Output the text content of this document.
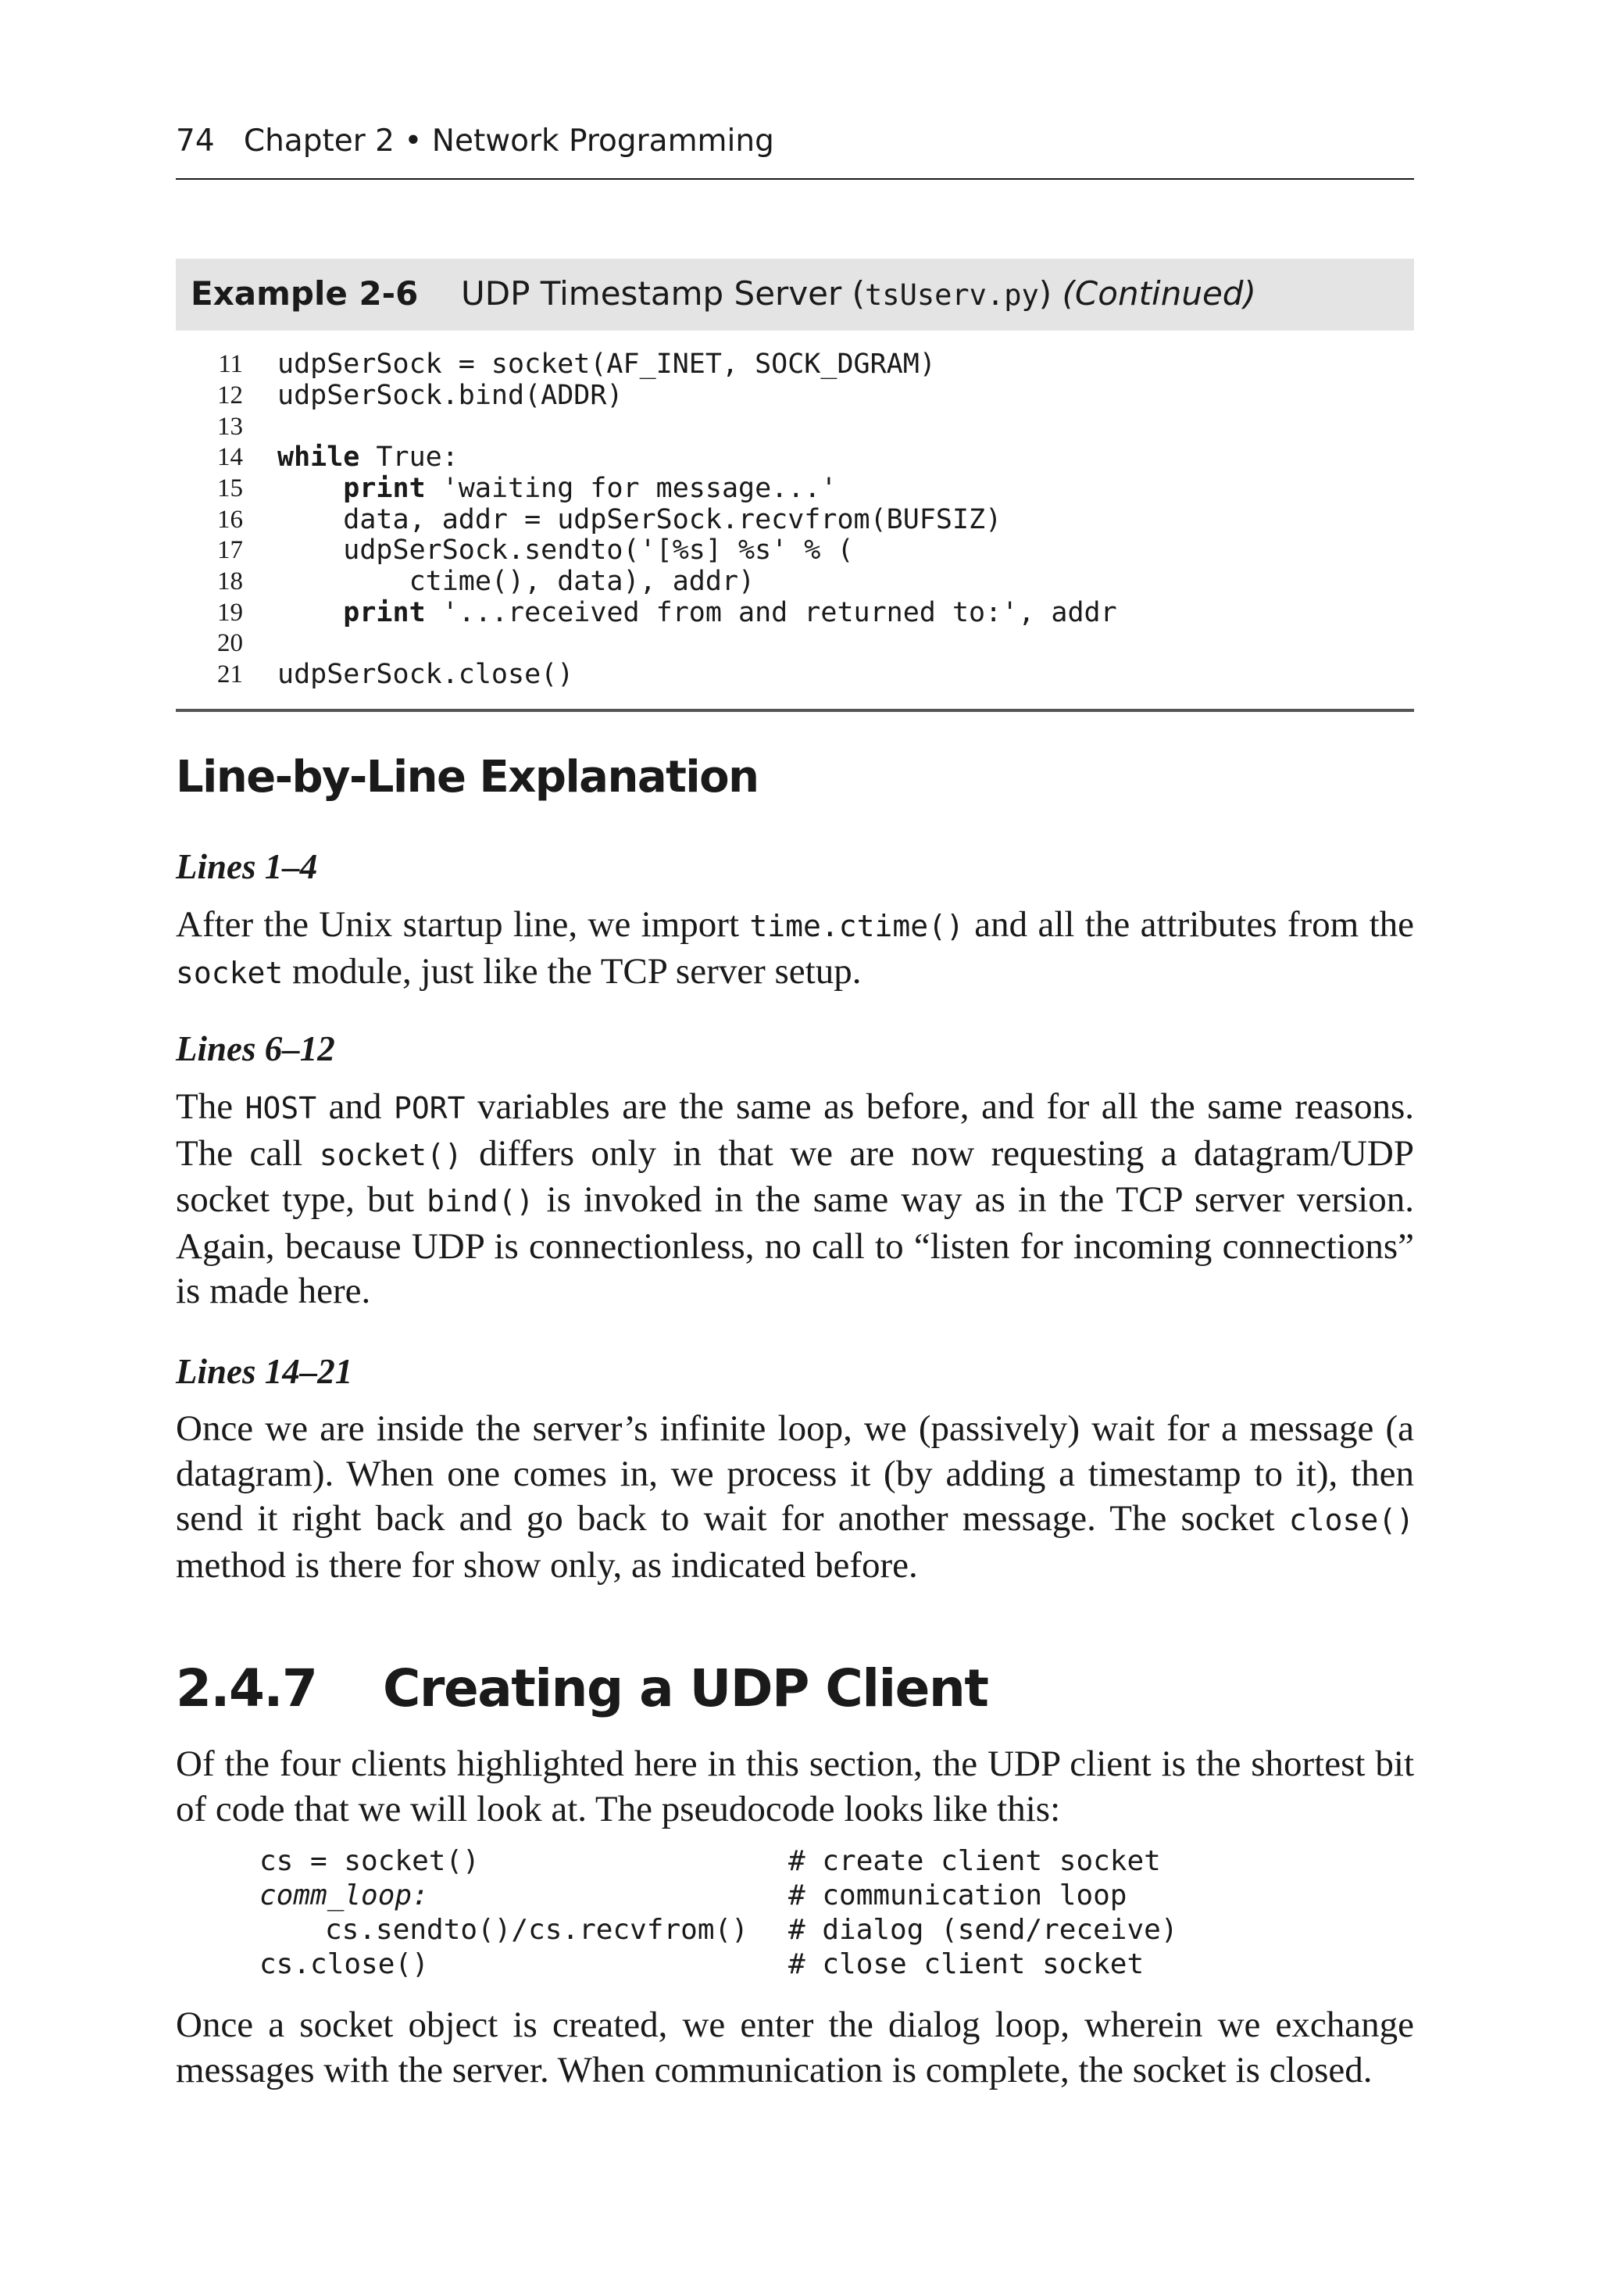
74 Chapter 2 • Network Programming
Example 2-6 UDP Timestamp Server (tsUserv.py) (Continued)
11 udpSerSock = socket(AF_INET, SOCK_DGRAM)
12 udpSerSock.bind(ADDR)
13
14 while True:
15 print 'waiting for message...'
16 data, addr = udpSerSock.recvfrom(BUFSIZ)
17 udpSerSock.sendto('[%s] %s' % (
18 ctime(), data), addr)
19 print '...received from and returned to:', addr
20
21 udpSerSock.close()
Line-by-Line Explanation
Lines 1–4
After the Unix startup line, we import time.ctime() and all the attributes from the socket module, just like the TCP server setup.
Lines 6–12
The HOST and PORT variables are the same as before, and for all the same reasons. The call socket() differs only in that we are now requesting a datagram/UDP socket type, but bind() is invoked in the same way as in the TCP server version. Again, because UDP is connectionless, no call to “listen for incoming connections” is made here.
Lines 14–21
Once we are inside the server’s infinite loop, we (passively) wait for a message (a datagram). When one comes in, we process it (by adding a timestamp to it), then send it right back and go back to wait for another message. The socket close() method is there for show only, as indicated before.
2.4.7 Creating a UDP Client
Of the four clients highlighted here in this section, the UDP client is the shortest bit of code that we will look at. The pseudocode looks like this:
cs = socket()	# create client socket
comm_loop:	# communication loop
cs.sendto()/cs.recvfrom() # dialog (send/receive)
cs.close()	# close client socket
Once a socket object is created, we enter the dialog loop, wherein we exchange messages with the server. When communication is complete, the socket is closed.
